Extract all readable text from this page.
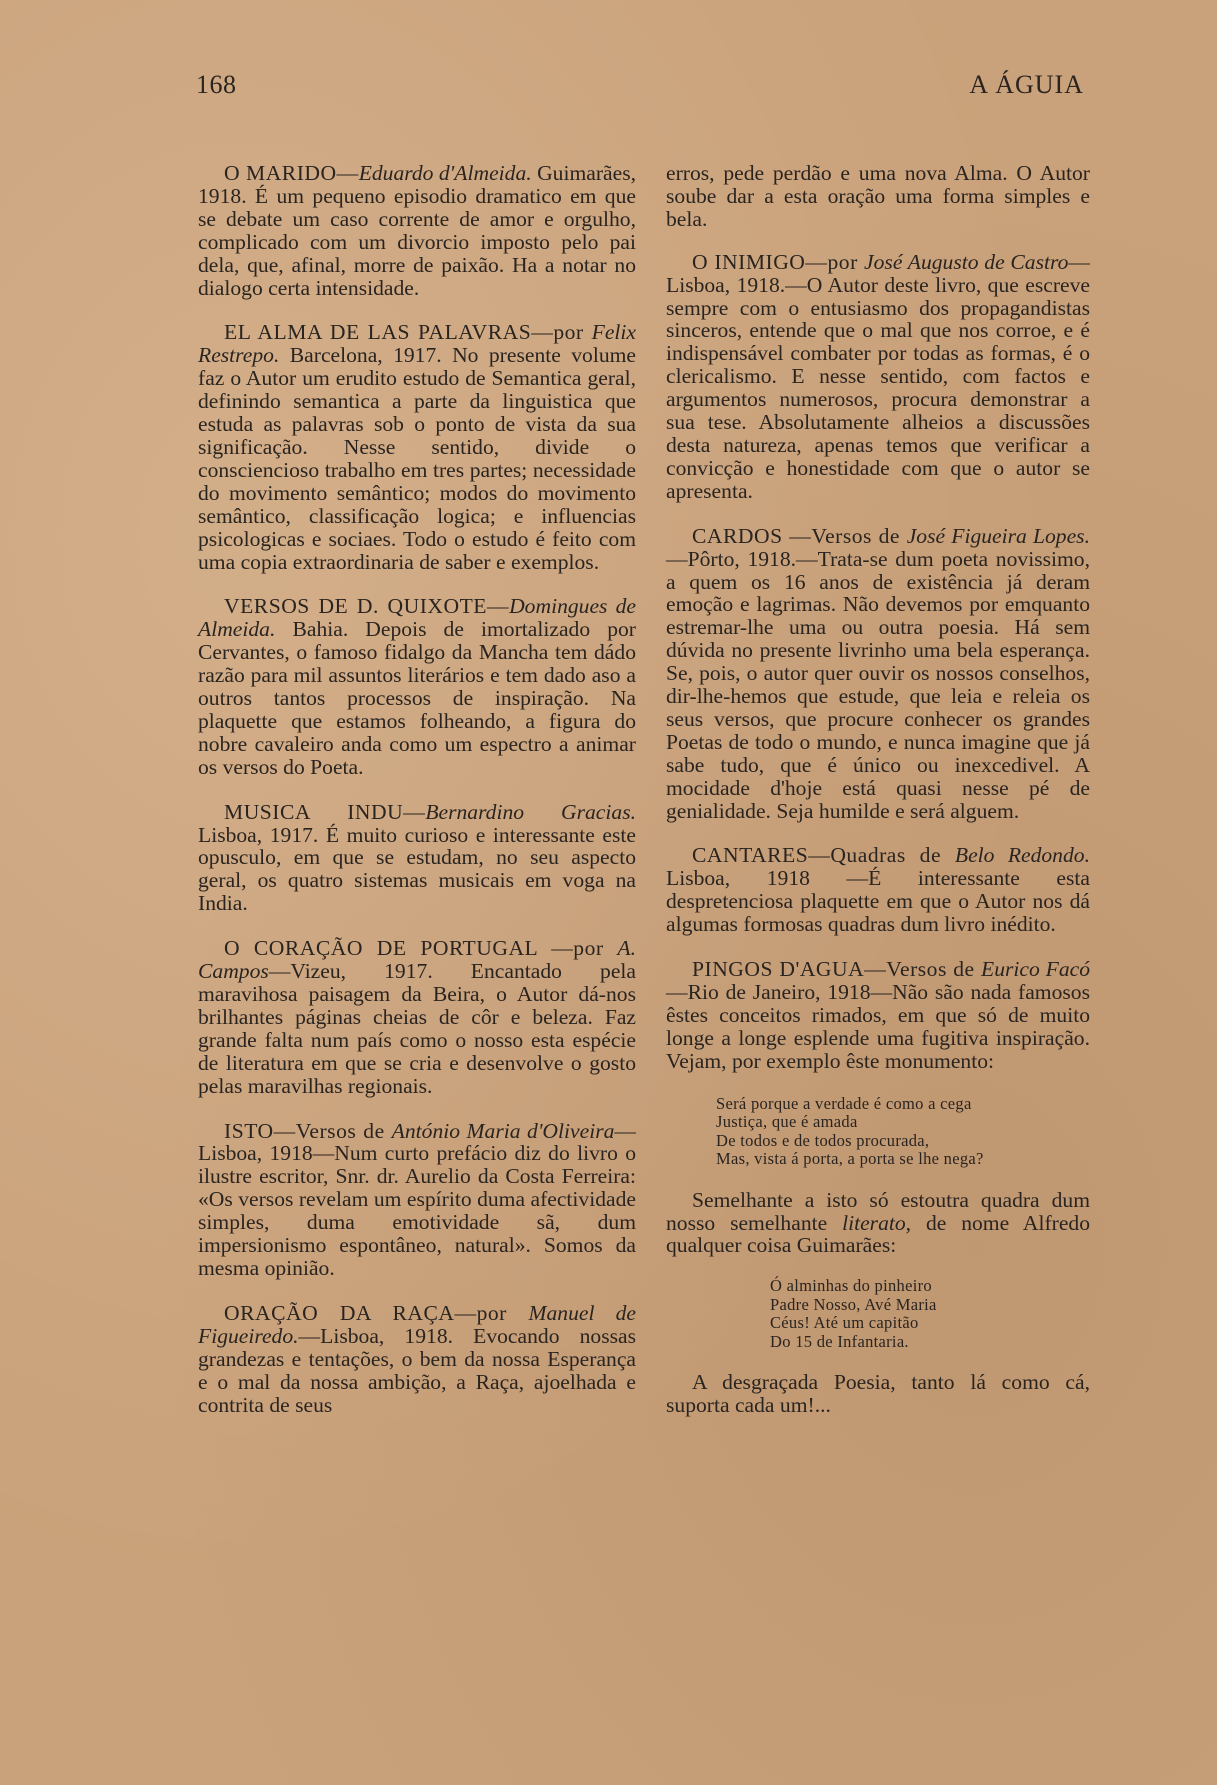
168	A ÁGUIA

O MARIDO—Eduardo d'Almeida. Guimarães, 1918. É um pequeno episodio dramatico em que se debate um caso corrente de amor e orgulho, complicado com um divorcio imposto pelo pai dela, que, afinal, morre de paixão. Ha a notar no dialogo certa intensidade.

EL ALMA DE LAS PALAVRAS—por Felix Restrepo. Barcelona, 1917. No presente volume faz o Autor um erudito estudo de Semantica geral, definindo semantica a parte da linguistica que estuda as palavras sob o ponto de vista da sua significação. Nesse sentido, divide o consciencioso trabalho em tres partes; necessidade do movimento semântico; modos do movimento semântico, classificação logica; e influencias psicologicas e sociaes. Todo o estudo é feito com uma copia extraordinaria de saber e exemplos.

VERSOS DE D. QUIXOTE—Domingues de Almeida. Bahia. Depois de imortalizado por Cervantes, o famoso fidalgo da Mancha tem dádo razão para mil assuntos literários e tem dado aso a outros tantos processos de inspiração. Na plaquette que estamos folheando, a figura do nobre cavaleiro anda como um espectro a animar os versos do Poeta.

MUSICA INDU—Bernardino Gracias. Lisboa, 1917. É muito curioso e interessante este opusculo, em que se estudam, no seu aspecto geral, os quatro sistemas musicais em voga na India.

O CORAÇÃO DE PORTUGAL —por A. Campos—Vizeu, 1917. Encantado pela maravihosa paisagem da Beira, o Autor dá-nos brilhantes páginas cheias de côr e beleza. Faz grande falta num país como o nosso esta espécie de literatura em que se cria e desenvolve o gosto pelas maravilhas regionais.

ISTO—Versos de António Maria d'Oliveira—Lisboa, 1918—Num curto prefácio diz do livro o ilustre escritor, Snr. dr. Aurelio da Costa Ferreira: «Os versos revelam um espírito duma afectividade simples, duma emotividade sã, dum impersionismo espontâneo, natural». Somos da mesma opinião.

ORAÇÃO DA RAÇA—por Manuel de Figueiredo.—Lisboa, 1918. Evocando nossas grandezas e tentações, o bem da nossa Esperança e o mal da nossa ambição, a Raça, ajoelhada e contrita de seus

erros, pede perdão e uma nova Alma. O Autor soube dar a esta oração uma forma simples e bela.

O INIMIGO—por José Augusto de Castro—Lisboa, 1918.—O Autor deste livro, que escreve sempre com o entusiasmo dos propagandistas sinceros, entende que o mal que nos corroe, e é indispensável combater por todas as formas, é o clericalismo. E nesse sentido, com factos e argumentos numerosos, procura demonstrar a sua tese. Absolutamente alheios a discussões desta natureza, apenas temos que verificar a convicção e honestidade com que o autor se apresenta.

CARDOS —Versos de José Figueira Lopes.—Pôrto, 1918.—Trata-se dum poeta novissimo, a quem os 16 anos de existência já deram emoção e lagrimas. Não devemos por emquanto estremar-lhe uma ou outra poesia. Há sem dúvida no presente livrinho uma bela esperança. Se, pois, o autor quer ouvir os nossos conselhos, dir-lhe-hemos que estude, que leia e releia os seus versos, que procure conhecer os grandes Poetas de todo o mundo, e nunca imagine que já sabe tudo, que é único ou inexcedivel. A mocidade d'hoje está quasi nesse pé de genialidade. Seja humilde e será alguem.

CANTARES—Quadras de Belo Redondo. Lisboa, 1918 —É interessante esta despretenciosa plaquette em que o Autor nos dá algumas formosas quadras dum livro inédito.

PINGOS D'AGUA—Versos de Eurico Facó—Rio de Janeiro, 1918—Não são nada famosos êstes conceitos rimados, em que só de muito longe a longe esplende uma fugitiva inspiração. Vejam, por exemplo êste monumento:

Será porque a verdade é como a cega
Justiça, que é amada
De todos e de todos procurada,
Mas, vista á porta, a porta se lhe nega?

Semelhante a isto só estoutra quadra dum nosso semelhante literato, de nome Alfredo qualquer coisa Guimarães:

Ó alminhas do pinheiro
Padre Nosso, Avé Maria
Céus! Até um capitão
Do 15 de Infantaria.

A desgraçada Poesia, tanto lá como cá, suporta cada um!...
